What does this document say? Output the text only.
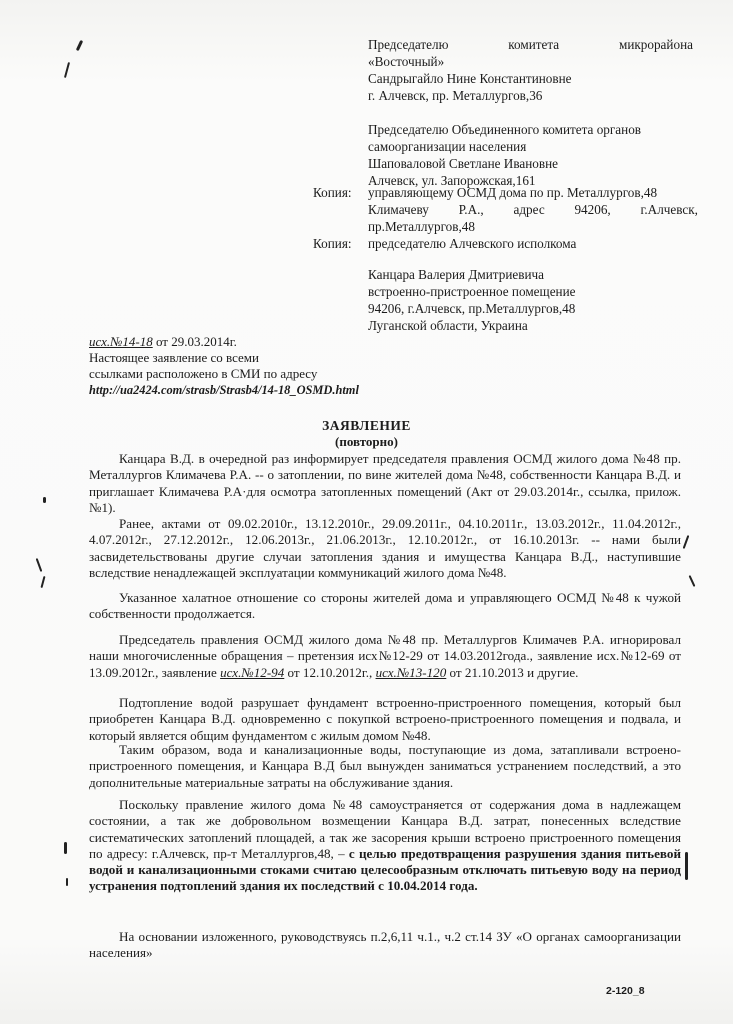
Председателю	комитета	микрорайона
«Восточный»
Сандрыгайло Нине Константиновне
г. Алчевск, пр. Металлургов,36
Председателю Объединенного комитета органов
самоорганизации населения
Шаповаловой Светлане Ивановне
Алчевск, ул. Запорожская,161
Копия:	управляющему ОСМД дома по пр. Металлургов,48
Климачеву Р.А., адрес 94206, г.Алчевск,
пр.Металлургов,48
Копия:	председателю Алчевского исполкома
Канцара Валерия Дмитриевича
встроенно-пристроенное помещение
94206, г.Алчевск, пр.Металлургов,48
Луганской области, Украина
исх.№14-18 от 29.03.2014г.
Настоящее заявление со всеми
ссылками расположено в СМИ по адресу
http://ua2424.com/strasb/Strasb4/14-18_OSMD.html
ЗАЯВЛЕНИЕ
(повторно)

Канцара В.Д. в очередной раз информирует председателя правления ОСМД жилого дома №48 пр. Металлургов Климачева Р.А. -- о затоплении, по вине жителей дома №48, собственности Канцара В.Д. и приглашает Климачева Р.А·для осмотра затопленных помещений (Акт от 29.03.2014г., ссылка, прилож.№1).

Ранее, актами от 09.02.2010г., 13.12.2010г., 29.09.2011г., 04.10.2011г., 13.03.2012г., 11.04.2012г., 4.07.2012г., 27.12.2012г., 12.06.2013г., 21.06.2013г., 12.10.2012г., от 16.10.2013г. -- нами были засвидетельствованы другие случаи затопления здания и имущества Канцара В.Д., наступившие вследствие ненадлежащей эксплуатации коммуникаций жилого дома №48.

Указанное халатное отношение со стороны жителей дома и управляющего ОСМД №48 к чужой собственности продолжается.

Председатель правления ОСМД жилого дома №48 пр. Металлургов Климачев Р.А. игнорировал наши многочисленные обращения – претензия исх№12-29 от 14.03.2012года., заявление исх.№12-69 от 13.09.2012г., заявление исх.№12-94 от 12.10.2012г., исх.№13-120 от 21.10.2013 и другие.

Подтопление водой разрушает фундамент встроенно-пристроенного помещения, который был приобретен Канцара В.Д. одновременно с покупкой встроено-пристроенного помещения и подвала, и который является общим фундаментом с жилым домом №48.

Таким образом, вода и канализационные воды, поступающие из дома, затапливали встроено-пристроенного помещения, и Канцара В.Д был вынужден заниматься устранением последствий, а это дополнительные материальные затраты на обслуживание здания.

Поскольку правление жилого дома №48 самоустраняется от содержания дома в надлежащем состоянии, а так же добровольном возмещении Канцара В.Д. затрат, понесенных вследствие систематических затоплений площадей, а так же засорения крыши встроено пристроенного помещения по адресу: г.Алчевск, пр-т Металлургов,48, – с целью предотвращения разрушения здания питьевой водой и канализационными стоками считаю целесообразным отключать питьевую воду на период устранения подтоплений здания их последствий с 10.04.2014 года.

На основании изложенного, руководствуясь п.2,6,11 ч.1., ч.2 ст.14 ЗУ «О органах самоорганизации населения»

2-120_8
